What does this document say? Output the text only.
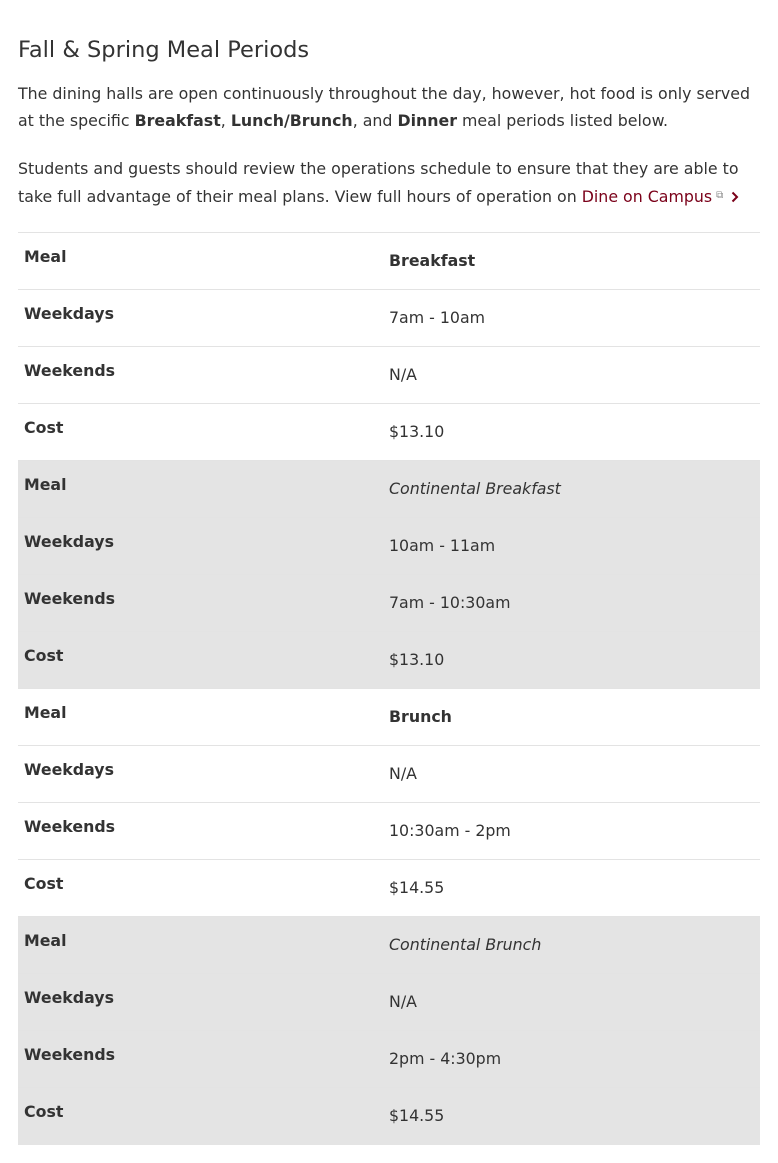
Fall & Spring Meal Periods

The dining halls are open continuously throughout the day, however, hot food is only served at the specific Breakfast, Lunch/Brunch, and Dinner meal periods listed below.

Students and guests should review the operations schedule to ensure that they are able to take full advantage of their meal plans. View full hours of operation on Dine on Campus ⧉

Meal	Breakfast
Weekdays	7am - 10am
Weekends	N/A
Cost	$13.10
Meal	Continental Breakfast
Weekdays	10am - 11am
Weekends	7am - 10:30am
Cost	$13.10
Meal	Brunch
Weekdays	N/A
Weekends	10:30am - 2pm
Cost	$14.55
Meal	Continental Brunch
Weekdays	N/A
Weekends	2pm - 4:30pm
Cost	$14.55
